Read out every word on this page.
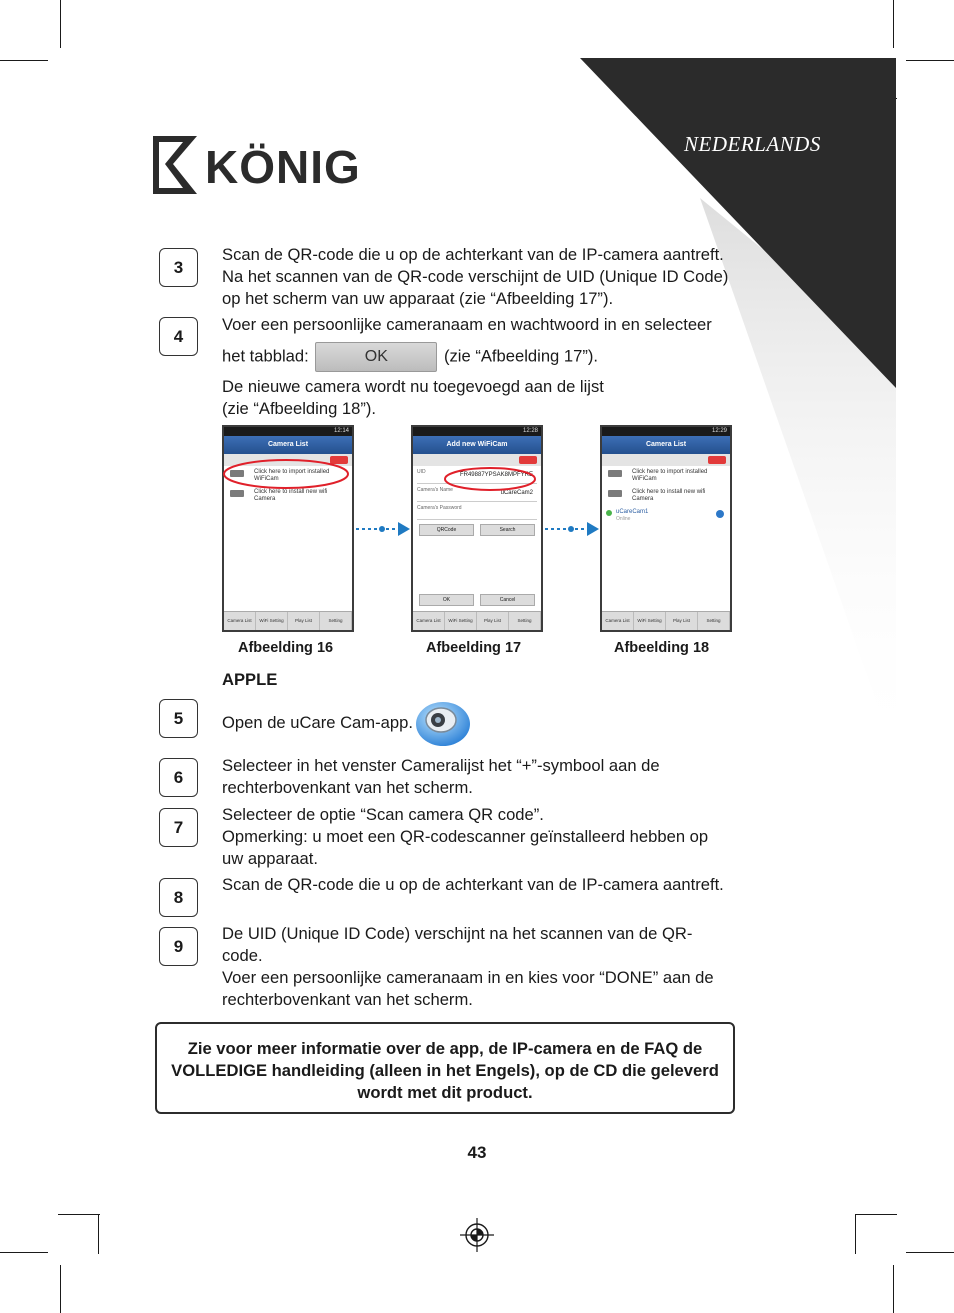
NEDERLANDS
KÖNIG
3
Scan de QR-code die u op de achterkant van de IP-camera aantreft.
Na het scannen van de QR-code verschijnt de UID (Unique ID Code)
op het scherm van uw apparaat (zie “Afbeelding 17”).
4
Voer een persoonlijke cameranaam en wachtwoord in en selecteer
het tabblad:	OK	(zie “Afbeelding 17”).
De nieuwe camera wordt nu toegevoegd aan de lijst
(zie “Afbeelding 18”).
12:14
Camera List
Click here to import installed
WiFiCam
Click here to install new wifi
Camera
Camera List	WiFi Setting	Play List	Setting
12:28
Add new WiFiCam
UID	FR49887YPSAK8MPFYRE
Camera's Name	uCareCam2
Camera's Password
QRCode	Search
OK	Cancel
Camera List	WiFi Setting	Play List	Setting
12:29
Camera List
Click here to import installed
WiFiCam
Click here to install new wifi
Camera
uCareCam1
Online
Camera List	WiFi Setting	Play List	Setting
Afbeelding 16	Afbeelding 17	Afbeelding 18
APPLE
5	Open de uCare Cam-app.
6
Selecteer in het venster Cameralijst het “+”-symbool aan de
rechterbovenkant van het scherm.
7
Selecteer de optie “Scan camera QR code”.
Opmerking: u moet een QR-codescanner geïnstalleerd hebben op
uw apparaat.
8
Scan de QR-code die u op de achterkant van de IP-camera aantreft.
9
De UID (Unique ID Code) verschijnt na het scannen van de QR-
code.
Voer een persoonlijke cameranaam in en kies voor “DONE” aan de
rechterbovenkant van het scherm.
Zie voor meer informatie over de app, de IP-camera en de FAQ de
VOLLEDIGE handleiding (alleen in het Engels), op de CD die geleverd
wordt met dit product.
43
